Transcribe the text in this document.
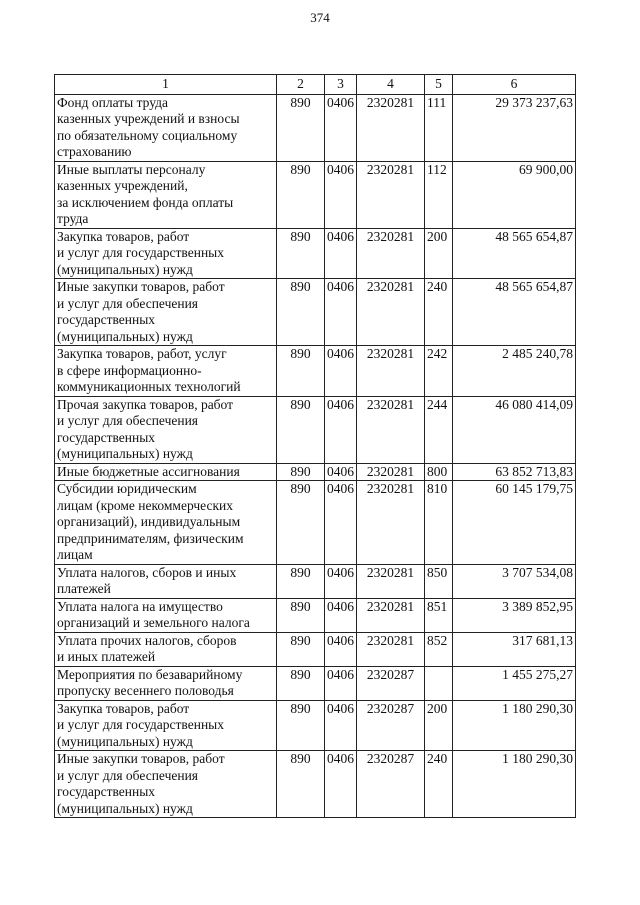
374
1	2	3	4	5	6
Фонд оплаты труда
казенных учреждений и взносы
по обязательному социальному
страхованию	890	0406	2320281	111	29 373 237,63
Иные выплаты персоналу
казенных учреждений,
за исключением фонда оплаты
труда	890	0406	2320281	112	69 900,00
Закупка товаров, работ
и услуг для государственных
(муниципальных) нужд	890	0406	2320281	200	48 565 654,87
Иные закупки товаров, работ
и услуг для обеспечения
государственных
(муниципальных) нужд	890	0406	2320281	240	48 565 654,87
Закупка товаров, работ, услуг
в сфере информационно-
коммуникационных технологий	890	0406	2320281	242	2 485 240,78
Прочая закупка товаров, работ
и услуг для обеспечения
государственных
(муниципальных) нужд	890	0406	2320281	244	46 080 414,09
Иные бюджетные ассигнования	890	0406	2320281	800	63 852 713,83
Субсидии юридическим
лицам (кроме некоммерческих
организаций), индивидуальным
предпринимателям, физическим
лицам	890	0406	2320281	810	60 145 179,75
Уплата налогов, сборов и иных
платежей	890	0406	2320281	850	3 707 534,08
Уплата налога на имущество
организаций и земельного налога	890	0406	2320281	851	3 389 852,95
Уплата прочих налогов, сборов
и иных платежей	890	0406	2320281	852	317 681,13
Мероприятия по безаварийному
пропуску весеннего половодья	890	0406	2320287		1 455 275,27
Закупка товаров, работ
и услуг для государственных
(муниципальных) нужд	890	0406	2320287	200	1 180 290,30
Иные закупки товаров, работ
и услуг для обеспечения
государственных
(муниципальных) нужд	890	0406	2320287	240	1 180 290,30
